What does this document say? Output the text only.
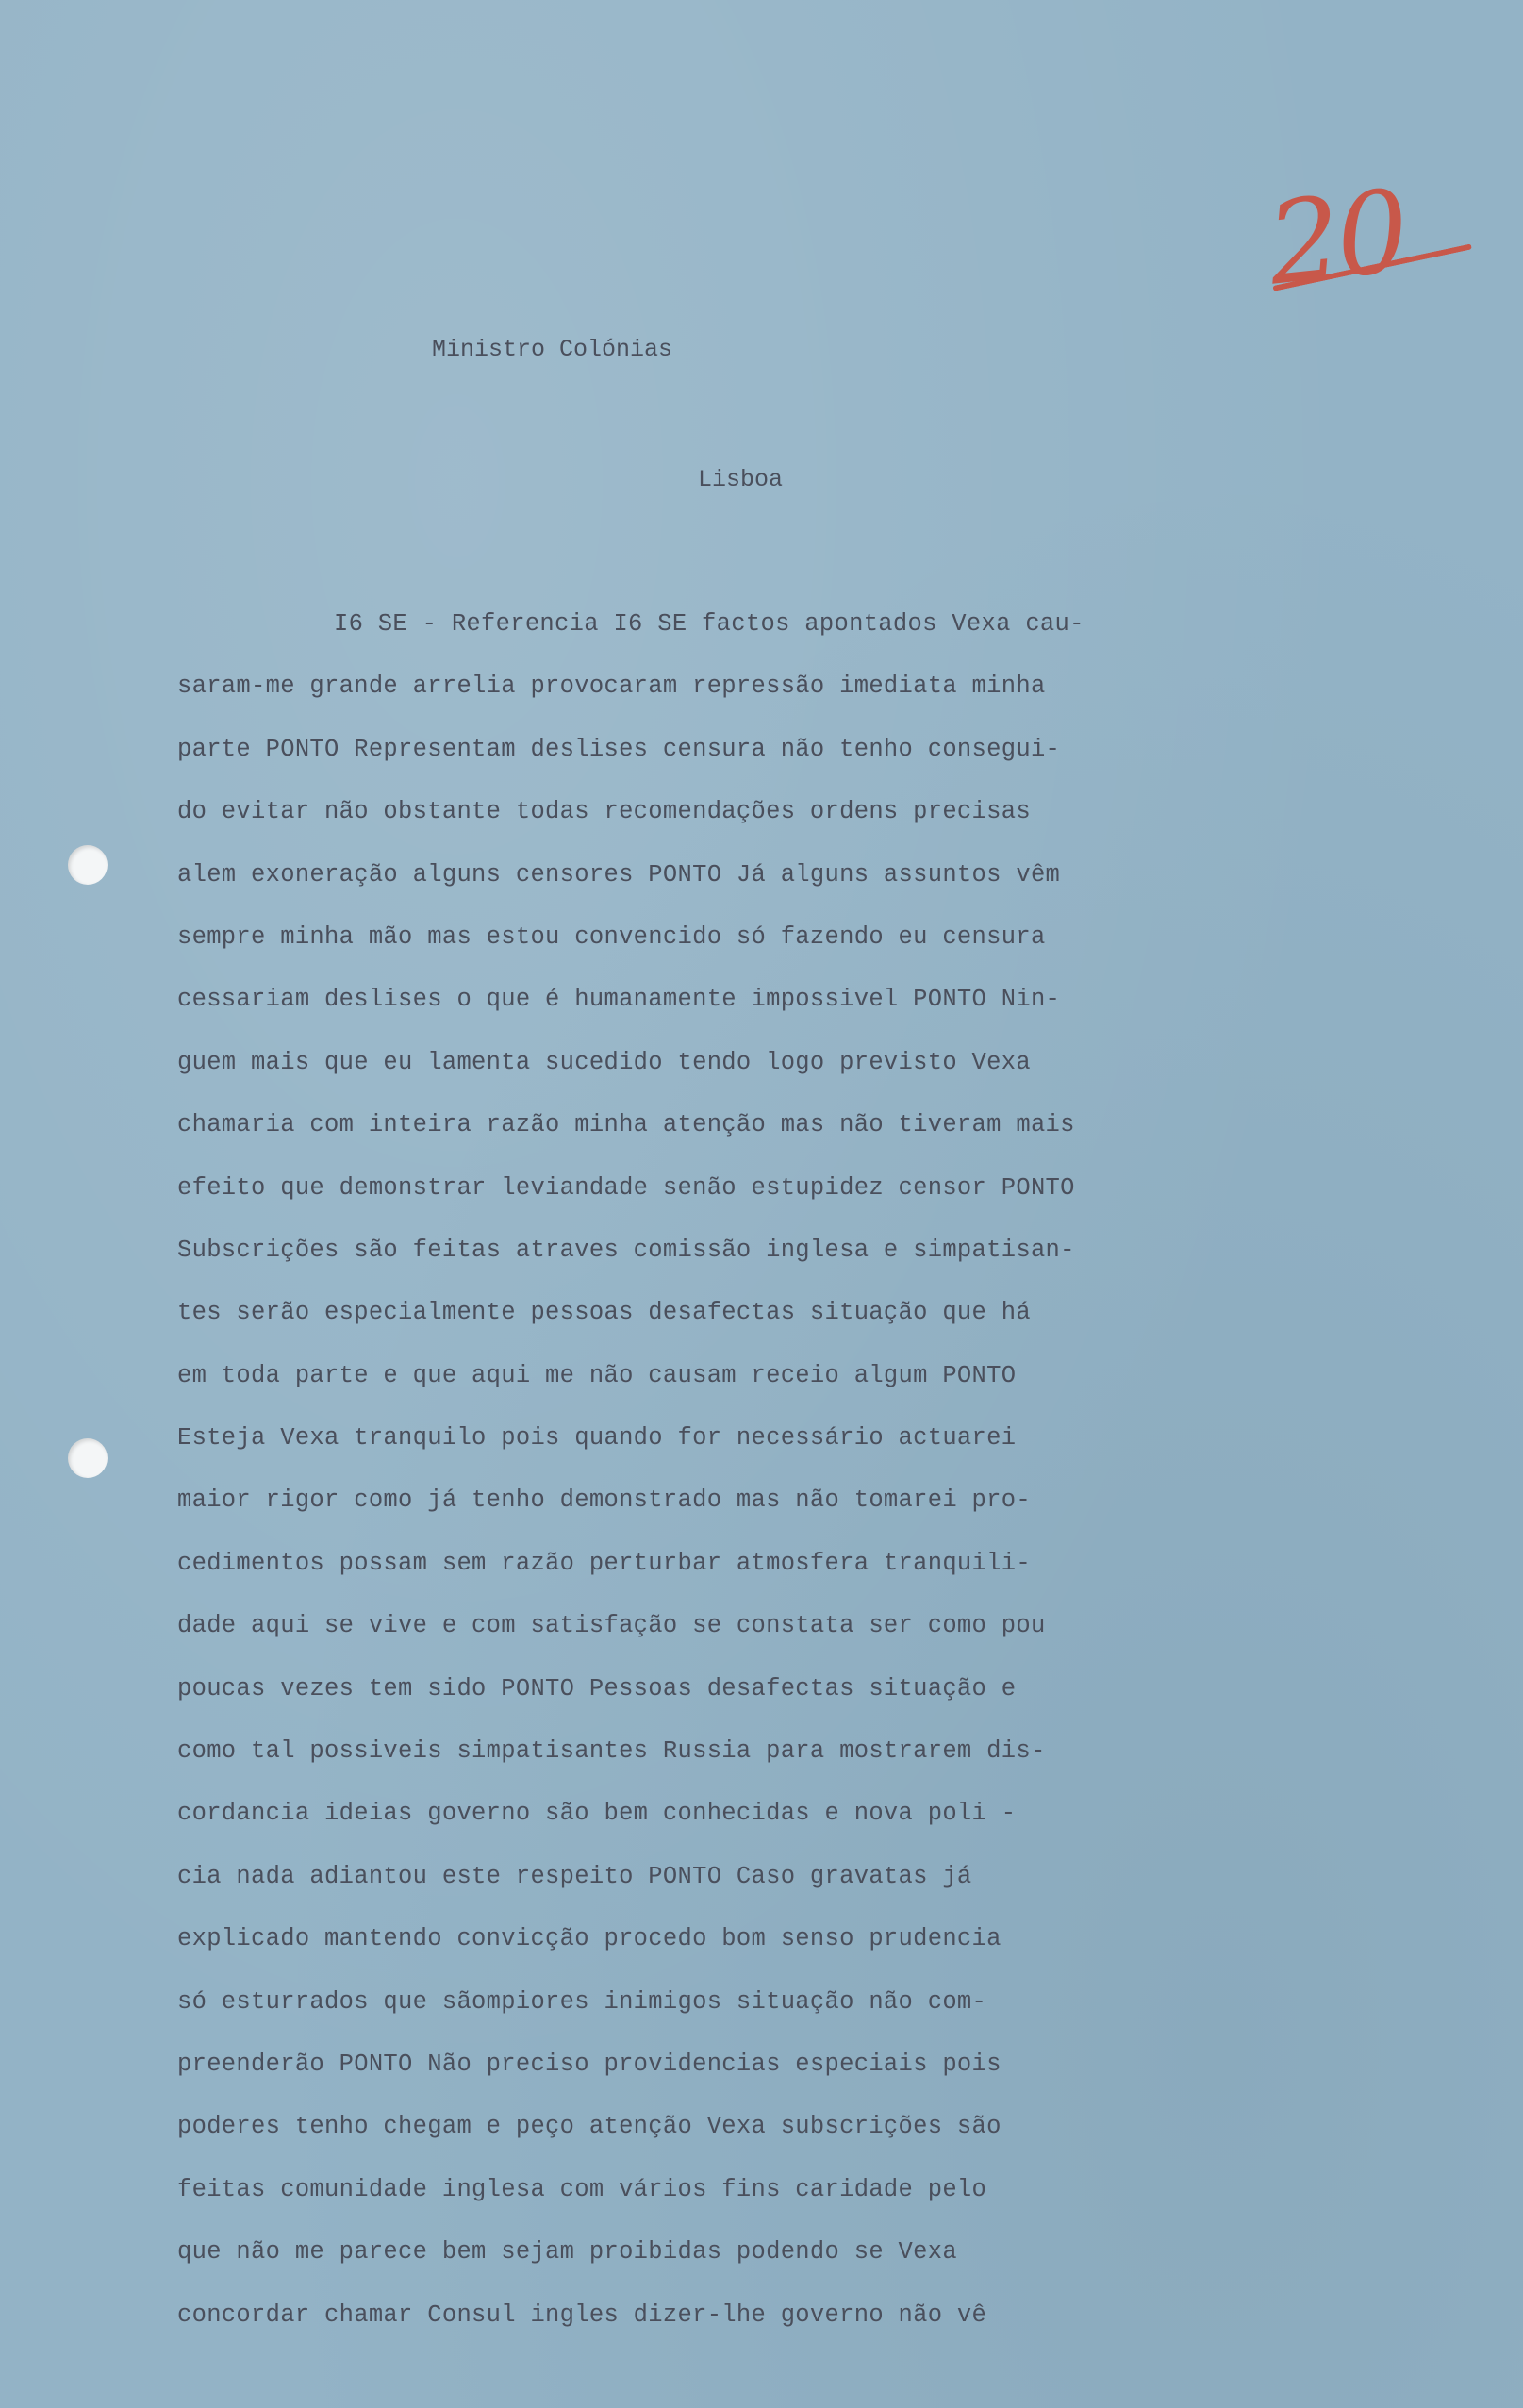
20
Ministro Colónias
Lisboa
I6 SE - Referencia I6 SE factos apontados Vexa cau-
saram-me grande arrelia provocaram repressão imediata minha
parte PONTO Representam deslises censura não tenho consegui-
do evitar não obstante todas recomendações ordens precisas
alem exoneração alguns censores PONTO Já alguns assuntos vêm
sempre minha mão mas estou convencido só fazendo eu censura
cessariam deslises o que é humanamente impossivel PONTO Nin-
guem mais que eu lamenta sucedido tendo logo previsto Vexa
chamaria com inteira razão minha atenção mas não tiveram mais
efeito que demonstrar leviandade senão estupidez censor PONTO
Subscrições são feitas atraves comissão inglesa e simpatisan-
tes serão especialmente pessoas desafectas situação que há
em toda parte e que aqui me não causam receio algum PONTO
Esteja Vexa tranquilo pois quando for necessário actuarei
maior rigor como já tenho demonstrado mas não tomarei pro-
cedimentos possam sem razão perturbar atmosfera tranquili-
dade aqui se vive e com satisfação se constata ser como pou
poucas vezes tem sido PONTO Pessoas desafectas situação e
como tal possiveis simpatisantes Russia para mostrarem dis-
cordancia ideias governo são bem conhecidas e nova poli -
cia nada adiantou este respeito PONTO Caso gravatas já
explicado mantendo convicção procedo bom senso prudencia
só esturrados que sãompiores inimigos situação não com-
preenderão PONTO Não preciso providencias especiais pois
poderes tenho chegam e peço atenção Vexa subscrições são
feitas comunidade inglesa com vários fins caridade pelo
que não me parece bem sejam proibidas podendo se Vexa
concordar chamar Consul ingles dizer-lhe governo não vê
